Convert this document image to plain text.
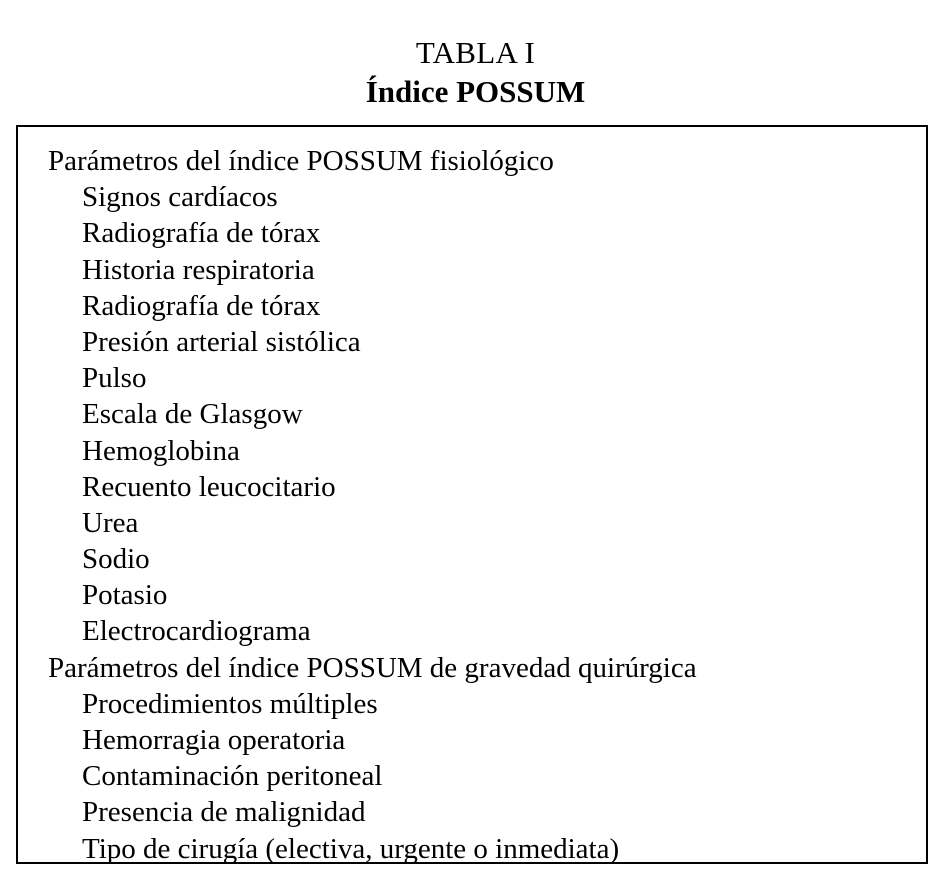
TABLA I
Índice POSSUM
Parámetros del índice POSSUM fisiológico
Signos cardíacos
Radiografía de tórax
Historia respiratoria
Radiografía de tórax
Presión arterial sistólica
Pulso
Escala de Glasgow
Hemoglobina
Recuento leucocitario
Urea
Sodio
Potasio
Electrocardiograma
Parámetros del índice POSSUM de gravedad quirúrgica
Procedimientos múltiples
Hemorragia operatoria
Contaminación peritoneal
Presencia de malignidad
Tipo de cirugía (electiva, urgente o inmediata)
